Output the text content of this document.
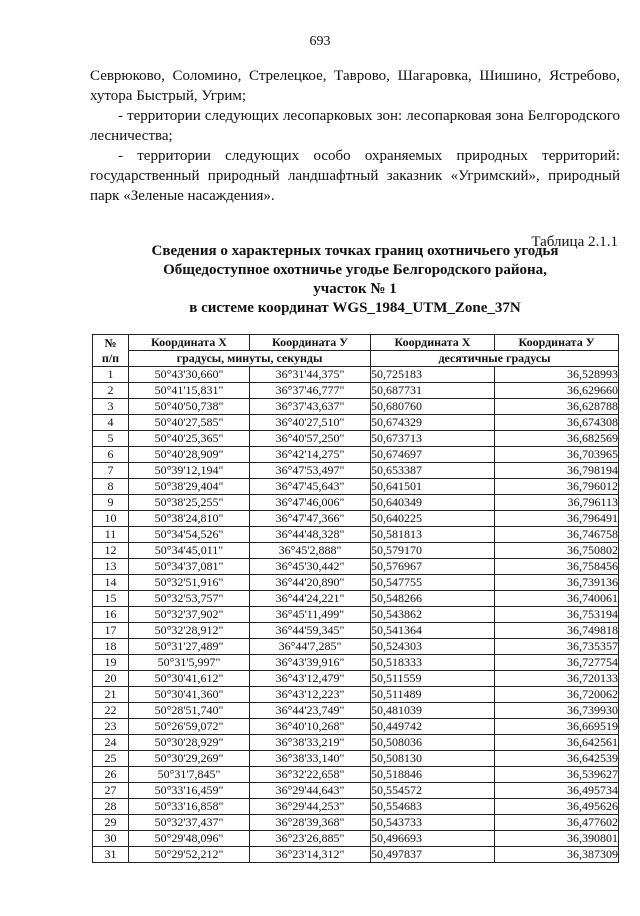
693

Севрюково, Соломино, Стрелецкое, Таврово, Шагаровка, Шишино, Ястребово, хутора Быстрый, Угрим;

- территории следующих лесопарковых зон: лесопарковая зона Белгородского лесничества;

- территории следующих особо охраняемых природных территорий: государственный природный ландшафтный заказник «Угримский», природный парк «Зеленые насаждения».

Таблица 2.1.1
Сведения о характерных точках границ охотничьего угодья
Общедоступное охотничье угодье Белгородского района,
участок № 1
в системе координат WGS_1984_UTM_Zone_37N
№
п/п	Координата X	Координата У	Координата X	Координата У
	градусы, минуты, секунды		десятичные градусы	
1	50°43'30,660"	36°31'44,375"	50,725183	36,528993
2	50°41'15,831"	36°37'46,777"	50,687731	36,629660
3	50°40'50,738"	36°37'43,637"	50,680760	36,628788
4	50°40'27,585"	36°40'27,510"	50,674329	36,674308
5	50°40'25,365"	36°40'57,250"	50,673713	36,682569
6	50°40'28,909"	36°42'14,275"	50,674697	36,703965
7	50°39'12,194"	36°47'53,497"	50,653387	36,798194
8	50°38'29,404"	36°47'45,643"	50,641501	36,796012
9	50°38'25,255"	36°47'46,006"	50,640349	36,796113
10	50°38'24,810"	36°47'47,366"	50,640225	36,796491
11	50°34'54,526"	36°44'48,328"	50,581813	36,746758
12	50°34'45,011"	36°45'2,888"	50,579170	36,750802
13	50°34'37,081"	36°45'30,442"	50,576967	36,758456
14	50°32'51,916"	36°44'20,890"	50,547755	36,739136
15	50°32'53,757"	36°44'24,221"	50,548266	36,740061
16	50°32'37,902"	36°45'11,499"	50,543862	36,753194
17	50°32'28,912"	36°44'59,345"	50,541364	36,749818
18	50°31'27,489"	36°44'7,285"	50,524303	36,735357
19	50°31'5,997"	36°43'39,916"	50,518333	36,727754
20	50°30'41,612"	36°43'12,479"	50,511559	36,720133
21	50°30'41,360"	36°43'12,223"	50,511489	36,720062
22	50°28'51,740"	36°44'23,749"	50,481039	36,739930
23	50°26'59,072"	36°40'10,268"	50,449742	36,669519
24	50°30'28,929"	36°38'33,219"	50,508036	36,642561
25	50°30'29,269"	36°38'33,140"	50,508130	36,642539
26	50°31'7,845"	36°32'22,658"	50,518846	36,539627
27	50°33'16,459"	36°29'44,643"	50,554572	36,495734
28	50°33'16,858"	36°29'44,253"	50,554683	36,495626
29	50°32'37,437"	36°28'39,368"	50,543733	36,477602
30	50°29'48,096"	36°23'26,885"	50,496693	36,390801
31	50°29'52,212"	36°23'14,312"	50,497837	36,387309
